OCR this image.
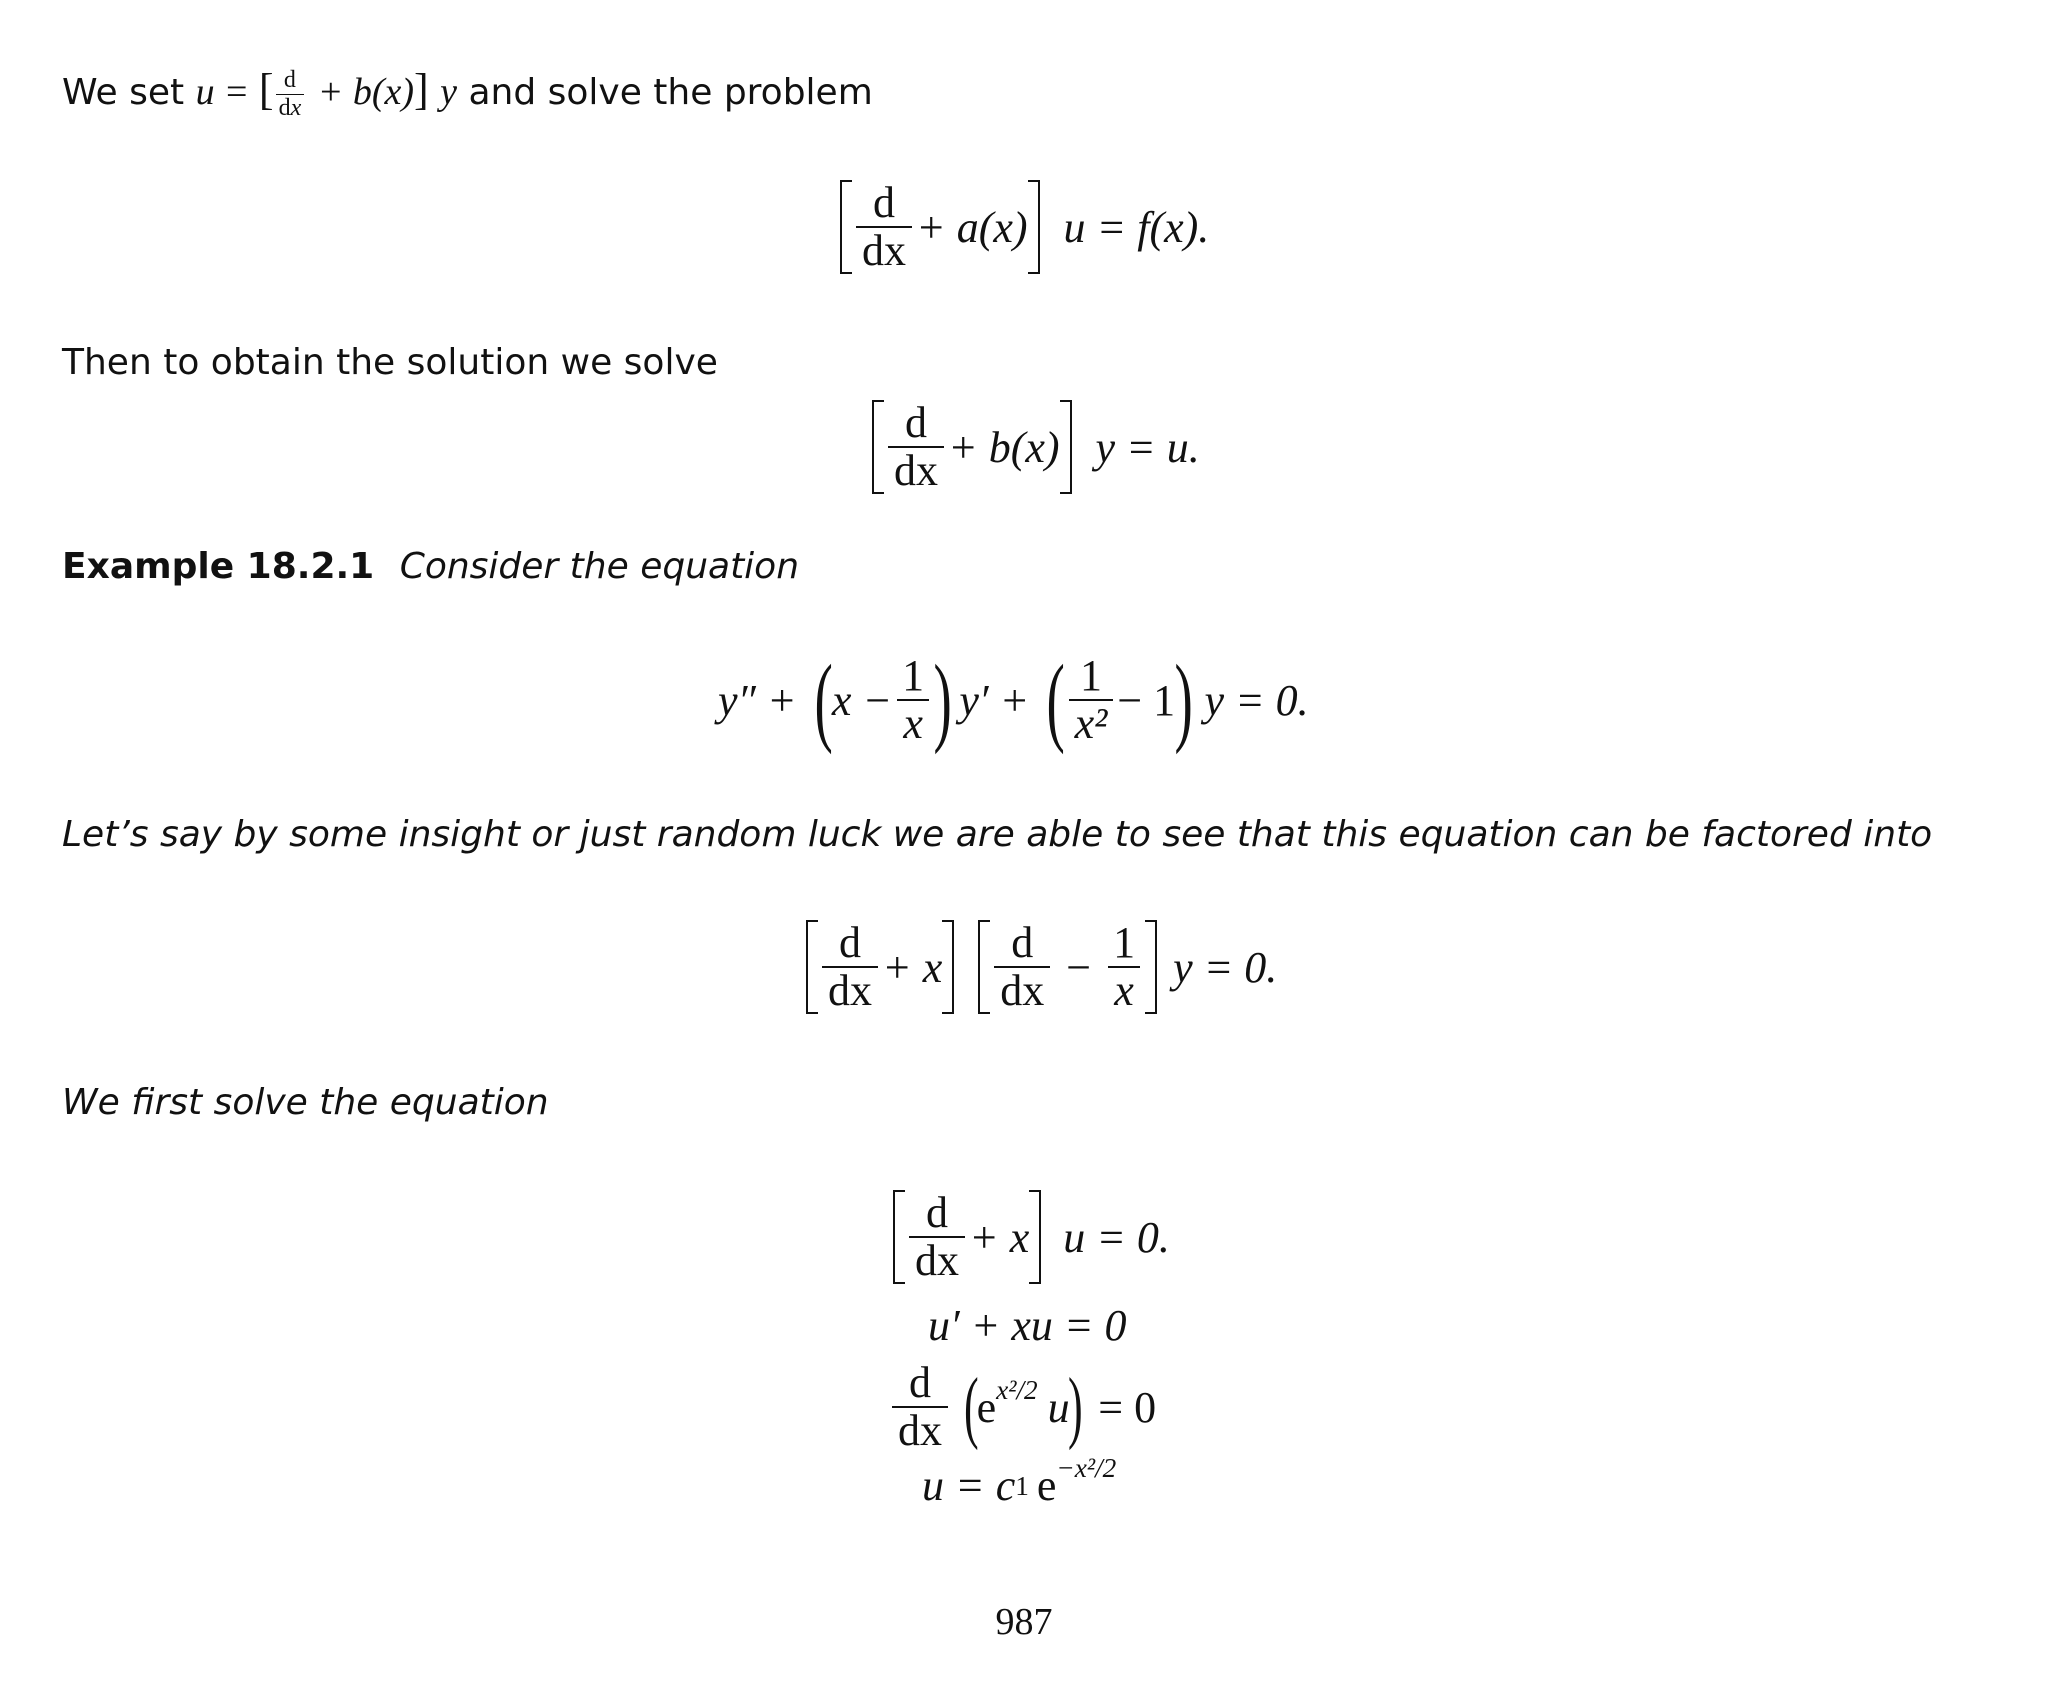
We set u = [ $\frac{d}{dx} + b(x)$] y and solve the problem
$\frac{d}{dx} + a(x) u = f(x)$.
Then to obtain the solution we solve
$\frac{d}{dx} + b(x) y = u$.
Example 18.2.1 Consider the equation
y″ + ( $x - \frac{1}{x}$ ) y′ + ( $\frac{1}{\text{x²}} - 1$ ) y = 0.
Let’s say by some insight or just random luck we are able to see that this equation can be factored into
$\frac{d}{dx} + x \frac{d}{dx} - \frac{1}{x}$ y = 0.
We first solve the equation
$\frac{d}{dx} + x$ u = 0.
u′ + xu = 0
$\frac{d}{dx}$ (
$e^{x^2/2}$ u
) = 0
u = c 1 $e^{-x^2/2}$
987
